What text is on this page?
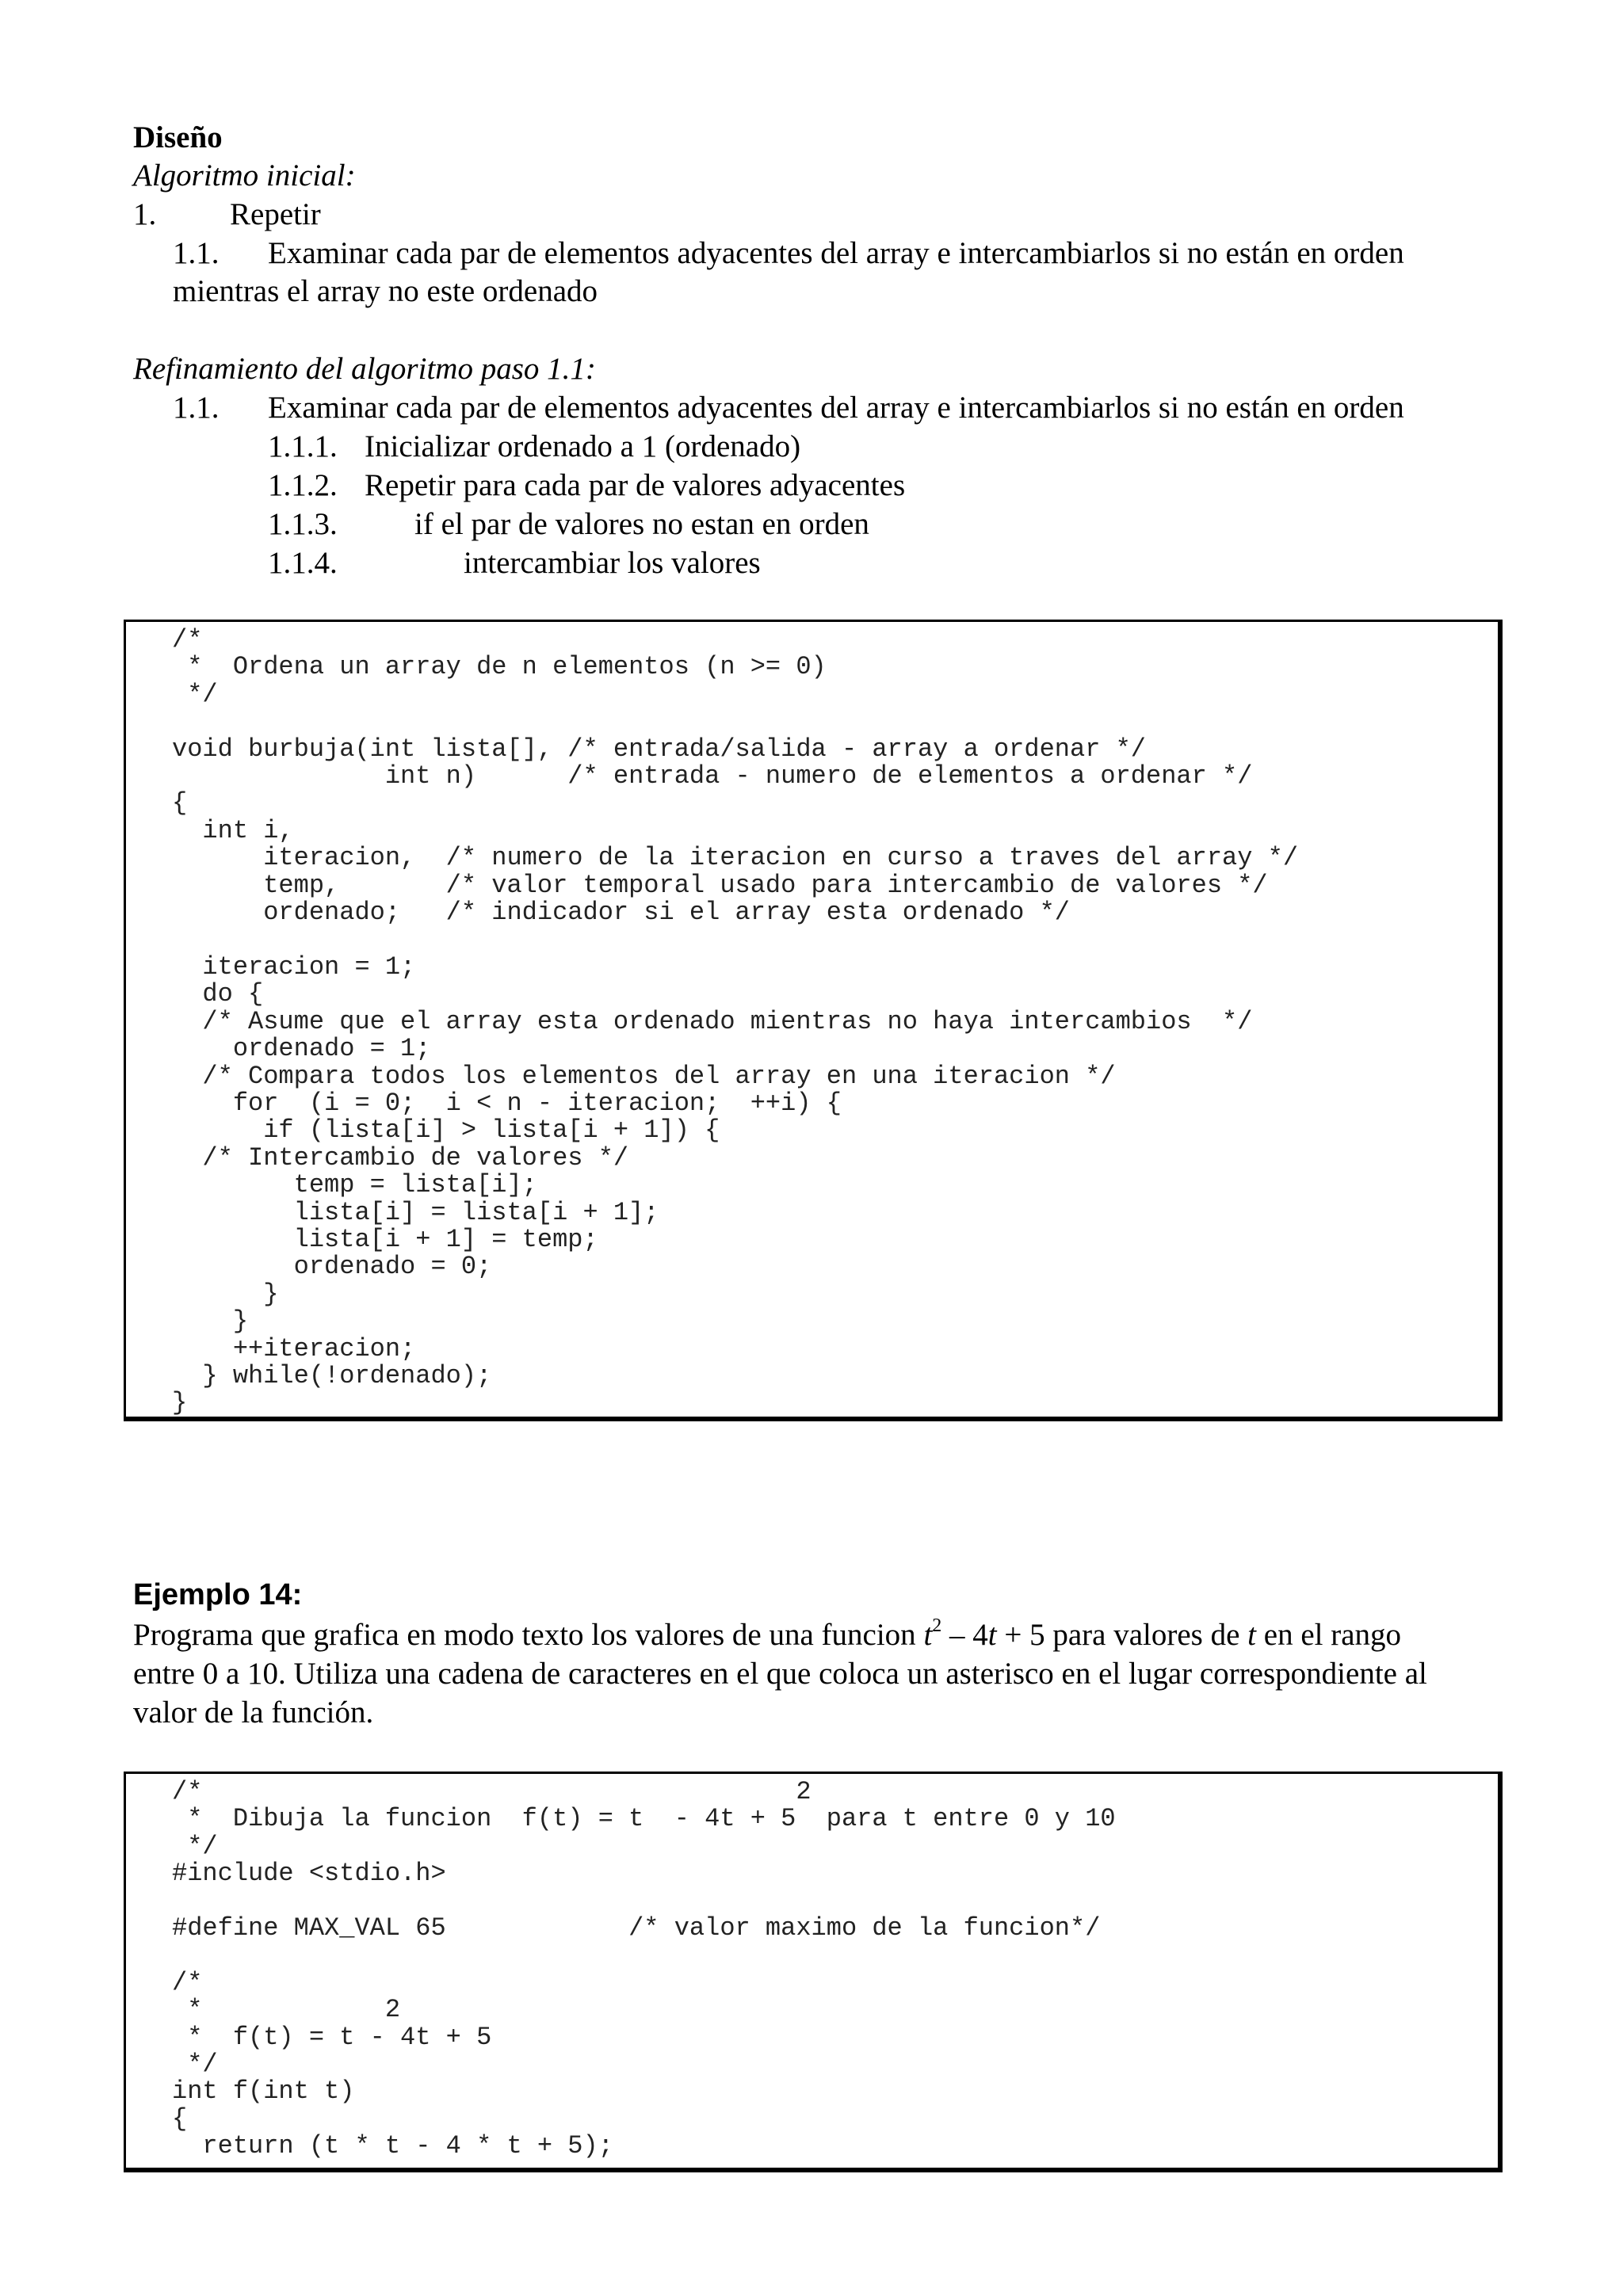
Diseño
Algoritmo inicial:
1. Repetir
1.1. Examinar cada par de elementos adyacentes del array e intercambiarlos si no están en orden
mientras el array no este ordenado
Refinamiento del algoritmo paso 1.1:
1.1. Examinar cada par de elementos adyacentes del array e intercambiarlos si no están en orden
1.1.1. Inicializar ordenado a 1 (ordenado)
1.1.2. Repetir para cada par de valores adyacentes
1.1.3. if el par de valores no estan en orden
1.1.4.	intercambiar los valores
/*
*  Ordena un array de n elementos (n >= 0)
*/

void burbuja(int lista[], /* entrada/salida - array a ordenar */
int n)      /* entrada - numero de elementos a ordenar */
{
int i,
iteracion,  /* numero de la iteracion en curso a traves del array */
temp,       /* valor temporal usado para intercambio de valores */
ordenado;   /* indicador si el array esta ordenado */

iteracion = 1;
do {
/* Asume que el array esta ordenado mientras no haya intercambios  */
ordenado = 1;
/* Compara todos los elementos del array en una iteracion */
for  (i = 0;  i < n - iteracion;  ++i) {
if (lista[i] > lista[i + 1]) {
/* Intercambio de valores */
temp = lista[i];
lista[i] = lista[i + 1];
lista[i + 1] = temp;
ordenado = 0;
}
}
++iteracion;
} while(!ordenado);
}
Ejemplo 14:
Programa que grafica en modo texto los valores de una funcion $t^2 - 4t + 5$ para valores de t en el rango
entre 0 a 10. Utiliza una cadena de caracteres en el que coloca un asterisco en el lugar correspondiente al
valor de la función.
/*                                       2
*  Dibuja la funcion  f(t) = t  - 4t + 5  para t entre 0 y 10
*/
#include <stdio.h>

#define MAX_VAL 65            /* valor maximo de la funcion*/

/*
*            2
*  f(t) = t - 4t + 5
*/
int f(int t)
{
return (t * t - 4 * t + 5);
